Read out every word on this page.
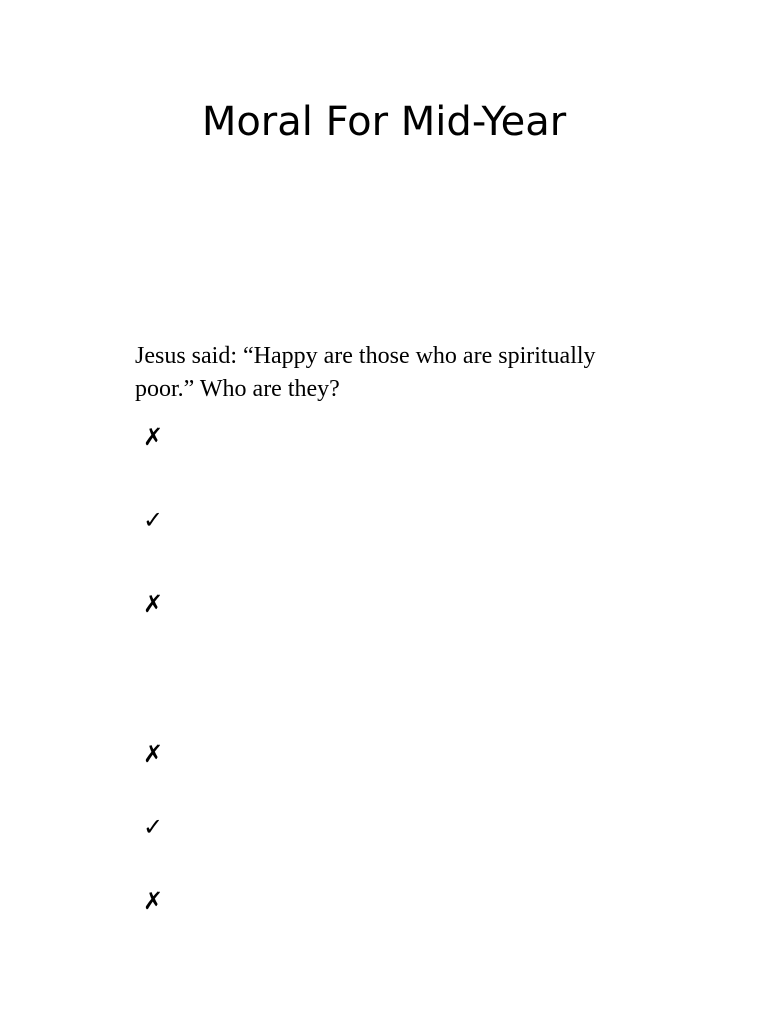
Moral For Mid-Year

Jesus said: “Happy are those who are spiritually poor.” Who are they?

✗
✓
✗
✗
✓
✗
